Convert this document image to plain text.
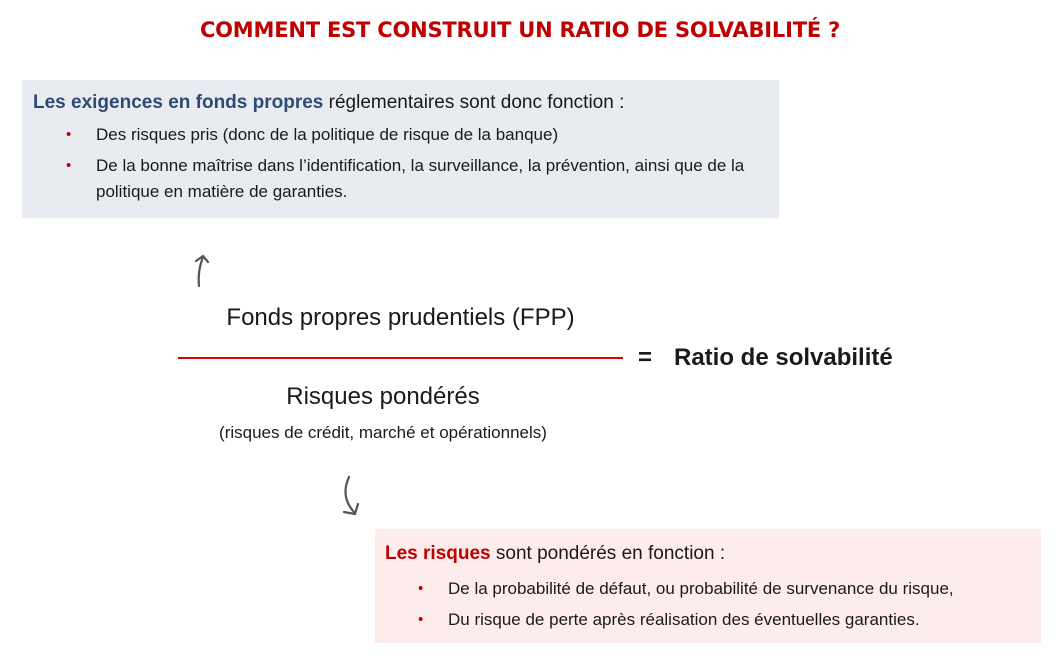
COMMENT EST CONSTRUIT UN RATIO DE SOLVABILITÉ ?
Les exigences en fonds propres réglementaires sont donc fonction :
• Des risques pris (donc de la politique de risque de la banque)
• De la bonne maîtrise dans l’identification, la surveillance, la prévention, ainsi que de la politique en matière de garanties.
Fonds propres prudentiels (FPP)
= Ratio de solvabilité
Risques pondérés
(risques de crédit, marché et opérationnels)
Les risques sont pondérés en fonction :
• De la probabilité de défaut, ou probabilité de survenance du risque,
• Du risque de perte après réalisation des éventuelles garanties.
